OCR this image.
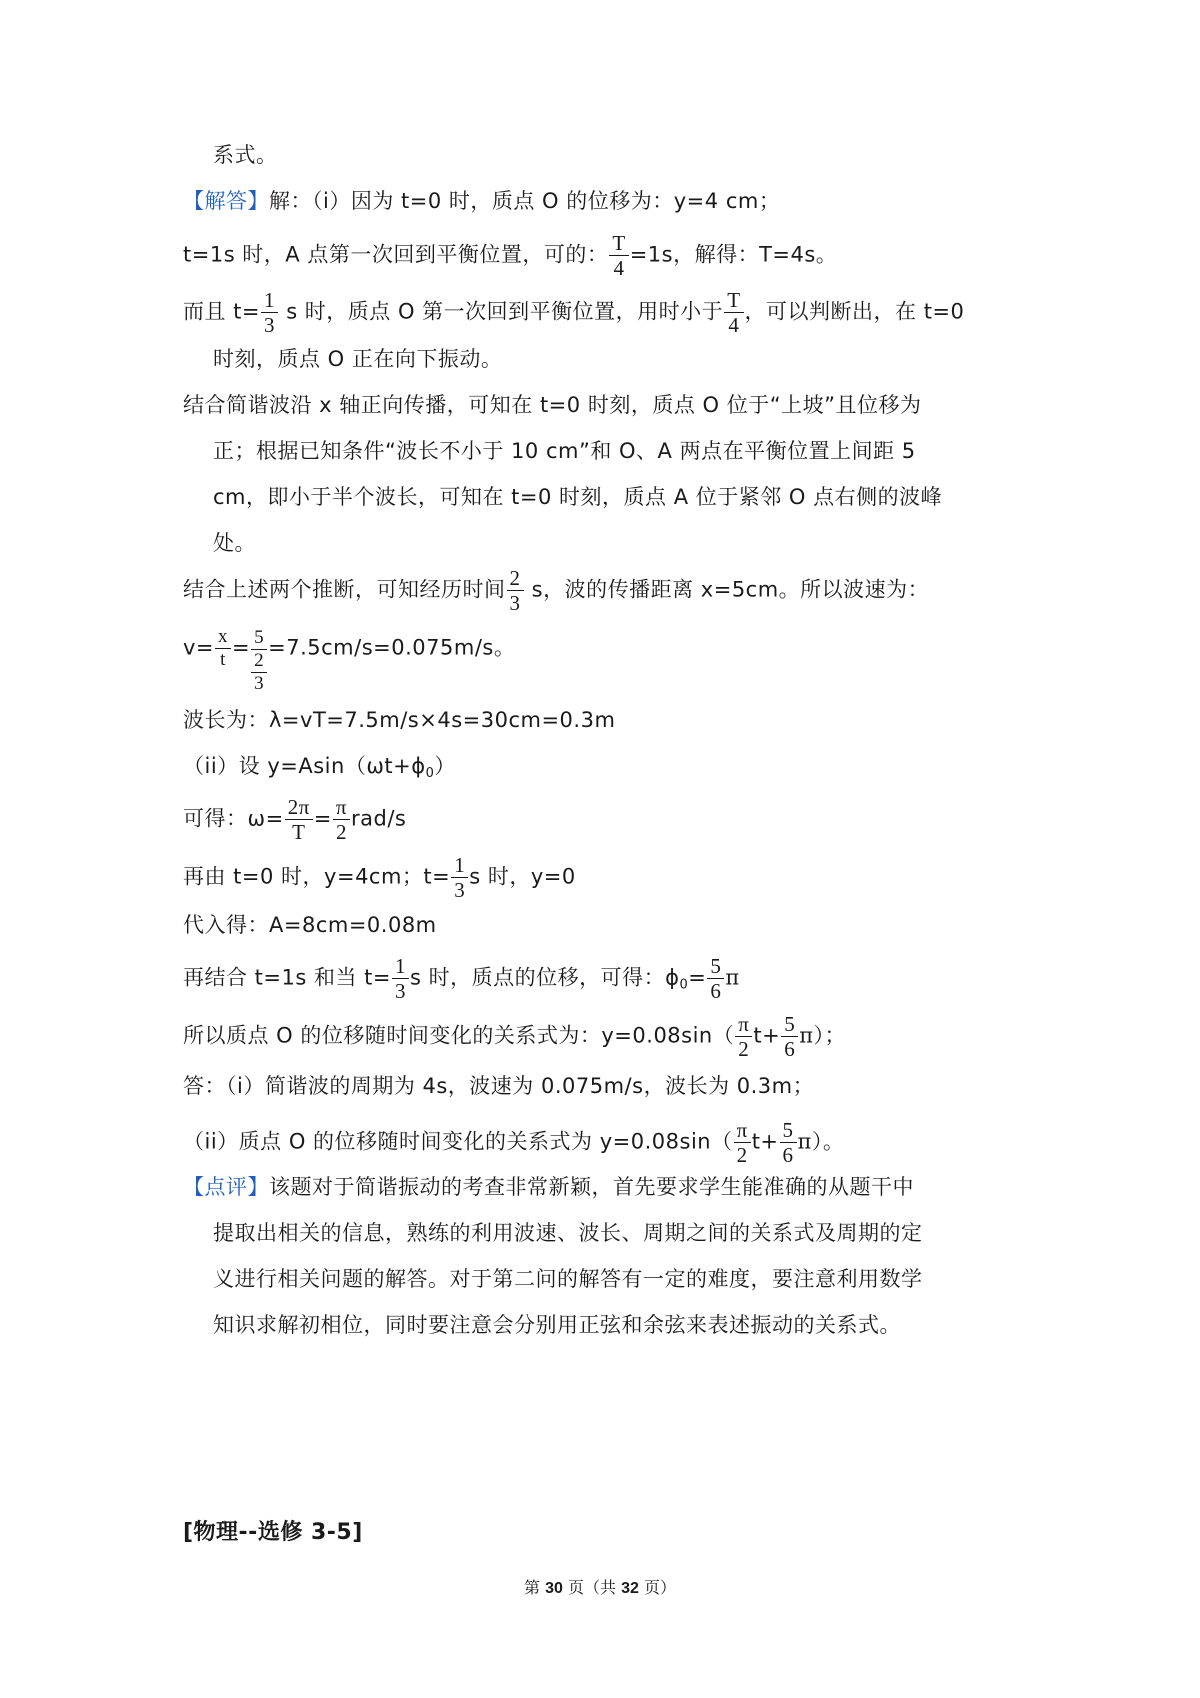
系式。
【解答】解：（i）因为 t=0 时，质点 O 的位移为：y=4 cm；
t=1s 时，A 点第一次回到平衡位置，可的： $\frac{T}{4} =1s$，解得：T=4s。
而且 $t= \frac{1}{3}$ s 时，质点 O 第一次回到平衡位置，用时小于 $\frac{T}{4}$ ，可以判断出，在 t=0
时刻，质点 O 正在向下振动。
结合简谐波沿 x 轴正向传播，可知在 t=0 时刻，质点 O 位于“上坡”且位移为
正；根据已知条件“波长不小于 10 cm”和 O、A 两点在平衡位置上间距 5
cm，即小于半个波长，可知在 t=0 时刻，质点 A 位于紧邻 O 点右侧的波峰
处。
结合上述两个推断，可知经历时间 $\frac{2}{3}$ s，波的传播距离 x=5cm。所以波速为：
$v= \frac{x}{t} = \frac{5}{\frac{2}{3}} =7.5cm/s=0.075m/s$。
波长为：λ=vT=7.5m/s×4s=30cm=0.3m
（ii）设 $y=Asin(\omega t+\phi_0)$
可得：$\omega= \frac{2\pi}{T} = \frac{\pi}{2} rad/s$
再由 t=0 时，y=4cm；$t= \frac{1}{3}$ s 时，y=0
代入得：A=8cm=0.08m
再结合 t=1s 和当 $t= \frac{1}{3}$ s 时，质点的位移，可得：$\phi_0= \frac{5}{6}$ π
所以质点 O 的位移随时间变化的关系式为：$y=0.08\sin( \frac{\pi}{2} t+ \frac{5}{6} \pi)$；
答：（i）简谐波的周期为 4s，波速为 0.075m/s，波长为 0.3m；
（ii）质点 O 的位移随时间变化的关系式为 $y=0.08\sin( \frac{\pi}{2} t+ \frac{5}{6} \pi)$。
【点评】该题对于简谐振动的考查非常新颖，首先要求学生能准确的从题干中
提取出相关的信息，熟练的利用波速、波长、周期之间的关系式及周期的定
义进行相关问题的解答。对于第二问的解答有一定的难度，要注意利用数学
知识求解初相位，同时要注意会分别用正弦和余弦来表述振动的关系式。
[物理--选修 3-5]
第 30 页（共 32 页）
